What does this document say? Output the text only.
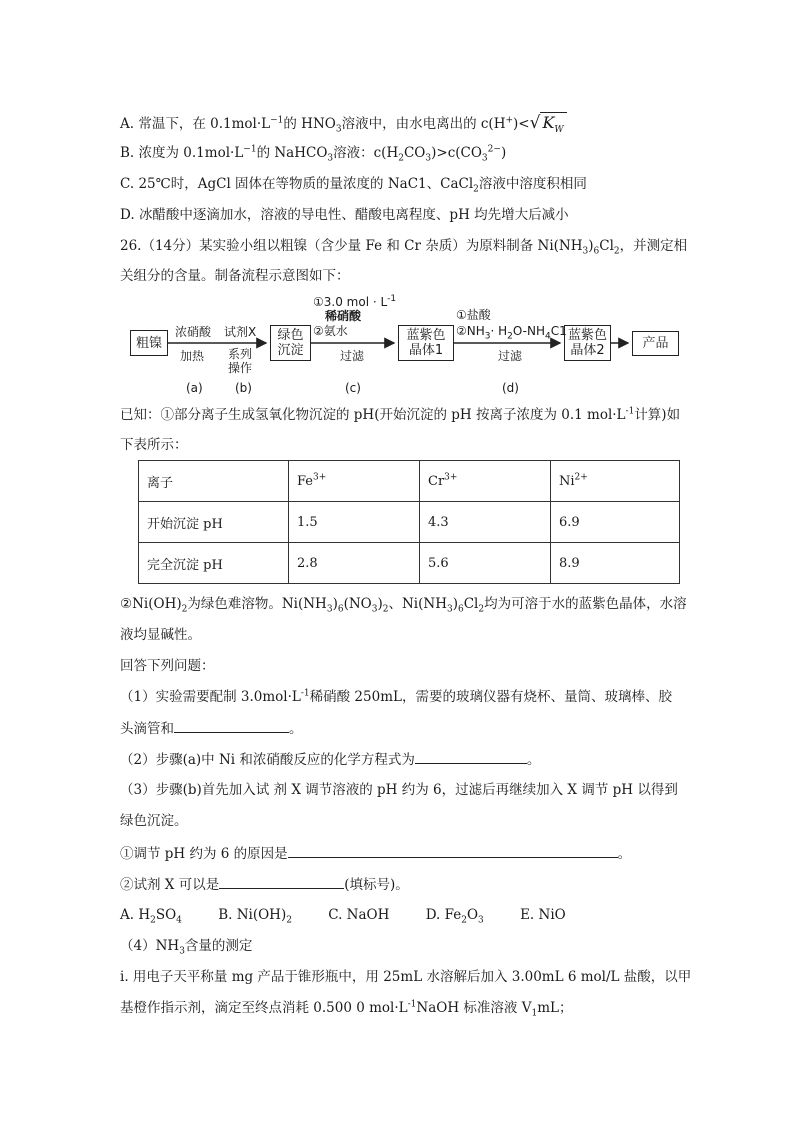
A. 常温下，在 $0.1mol\cdot L^{-1}$的 $HNO_3$溶液中，由水电离出的 c(H+)<√ $K_W$
B. 浓度为 $0.1mol\cdot L^{-1}$的 NaHCO$_3$溶液：$c(H_2CO_3)>c(CO_3^{2-})$
C. 25℃时，AgCl 固体在等物质的量浓度的 NaC1、CaCl$_2$溶液中溶度积相同
D. 冰醋酸中逐滴加水，溶液的导电性、醋酸电离程度、pH 均先增大后减小
26.（14分）某实验小组以粗镍（含少量 Fe 和 Cr 杂质）为原料制备 $Ni(NH_3)_6Cl_2$，并测定相
关组分的含量。制备流程示意图如下：
粗镍	绿色
沉淀
蓝紫色
晶体1
蓝紫色
晶体2	产品
浓硝酸
加热
(a)
试剂X
系列
操作
(b)
①3.0 mol · $L^{-1}$
稀硝酸
②氨水
过滤
(c)
①盐酸
$②NH_3\cdot H_2O-NH_4C1$
过滤
(d)
已知：①部分离子生成氢氧化物沉淀的 pH(开始沉淀的 pH 按离子浓度为 0.1 $mol\cdot L^{-1}$计算)如
下表所示：
离子	$Fe^{3+}$	$Cr^{3+}$	$Ni^{2+}$
开始沉淀 pH	1.5	4.3	6.9
完全沉淀 pH	2.8	5.6	8.9
$②Ni(OH)_2$为绿色难溶物。$Ni(NH_3)_6(NO_3)_2$、$Ni(NH_3)_6Cl_2$均为可溶于水的蓝紫色晶体，水溶
液均显碱性。
回答下列问题：
（1）实验需要配制 $3.0mol\cdot L^{-1}$稀硝酸 250mL，需要的玻璃仪器有烧杯、量筒、玻璃棒、胶
头滴管和	。
（2）步骤(a)中 Ni 和浓硝酸反应的化学方程式为	。
（3）步骤(b)首先加入试 剂 X 调节溶液的 pH 约为 6，过滤后再继续加入 X 调节 pH 以得到
绿色沉淀。
①调节 pH 约为 6 的原因是	。
②试剂 X 可以是	(填标号)。
A. $H_2SO_4$	B. $Ni(OH)_2$	C. NaOH	D. $Fe_2O_3$	E. NiO
$(4)NH_3$含量的测定
i. 用电子天平称量 mg 产品于锥形瓶中，用 25mL 水溶解后加入 3.00mL 6 mol/L 盐酸，以甲
基橙作指示剂，滴定至终点消耗 0.500 0 $mol\cdot L^{-1}NaOH$ 标准溶液 $V_1mL$；
